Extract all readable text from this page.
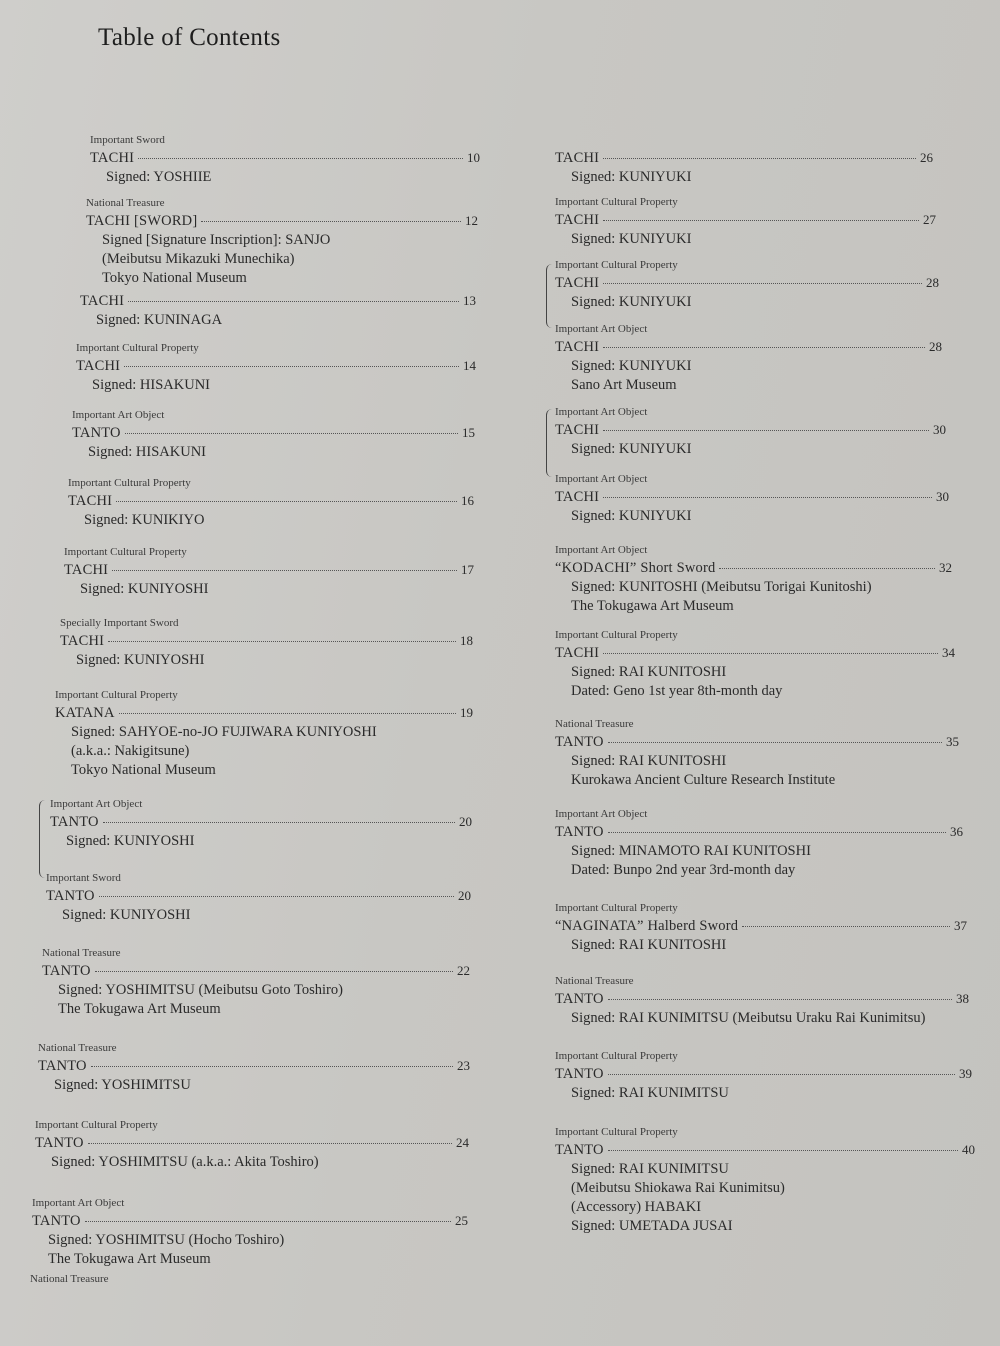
Table of Contents
Important Sword
TACHI	10
Signed: YOSHIIE
National Treasure
TACHI [SWORD]	12
Signed [Signature Inscription]: SANJO
(Meibutsu Mikazuki Munechika)
Tokyo National Museum
TACHI	13
Signed: KUNINAGA
Important Cultural Property
TACHI	14
Signed: HISAKUNI
Important Art Object
TANTO	15
Signed: HISAKUNI
Important Cultural Property
TACHI	16
Signed: KUNIKIYO
Important Cultural Property
TACHI	17
Signed: KUNIYOSHI
Specially Important Sword
TACHI	18
Signed: KUNIYOSHI
Important Cultural Property
KATANA	19
Signed: SAHYOE-no-JO FUJIWARA KUNIYOSHI
(a.k.a.: Nakigitsune)
Tokyo National Museum
Important Art Object
TANTO	20
Signed: KUNIYOSHI
Important Sword
TANTO	20
Signed: KUNIYOSHI
National Treasure
TANTO	22
Signed: YOSHIMITSU (Meibutsu Goto Toshiro)
The Tokugawa Art Museum
National Treasure
TANTO	23
Signed: YOSHIMITSU
Important Cultural Property
TANTO	24
Signed: YOSHIMITSU (a.k.a.: Akita Toshiro)
Important Art Object
TANTO	25
Signed: YOSHIMITSU (Hocho Toshiro)
The Tokugawa Art Museum
TACHI	26
Signed: KUNIYUKI
Important Cultural Property
TACHI	27
Signed: KUNIYUKI
Important Cultural Property
TACHI	28
Signed: KUNIYUKI
Important Art Object
TACHI	28
Signed: KUNIYUKI
Sano Art Museum
Important Art Object
TACHI	30
Signed: KUNIYUKI
Important Art Object
TACHI	30
Signed: KUNIYUKI
Important Art Object
“KODACHI” Short Sword	32
Signed: KUNITOSHI (Meibutsu Torigai Kunitoshi)
The Tokugawa Art Museum
Important Cultural Property
TACHI	34
Signed: RAI KUNITOSHI
Dated: Geno 1st year 8th-month day
National Treasure
TANTO	35
Signed: RAI KUNITOSHI
Kurokawa Ancient Culture Research Institute
Important Art Object
TANTO	36
Signed: MINAMOTO RAI KUNITOSHI
Dated: Bunpo 2nd year 3rd-month day
Important Cultural Property
“NAGINATA” Halberd Sword	37
Signed: RAI KUNITOSHI
National Treasure
TANTO	38
Signed: RAI KUNIMITSU (Meibutsu Uraku Rai Kunimitsu)
Important Cultural Property
TANTO	39
Signed: RAI KUNIMITSU
Important Cultural Property
TANTO	40
Signed: RAI KUNIMITSU
(Meibutsu Shiokawa Rai Kunimitsu)
(Accessory) HABAKI
Signed: UMETADA JUSAI
National Treasure
